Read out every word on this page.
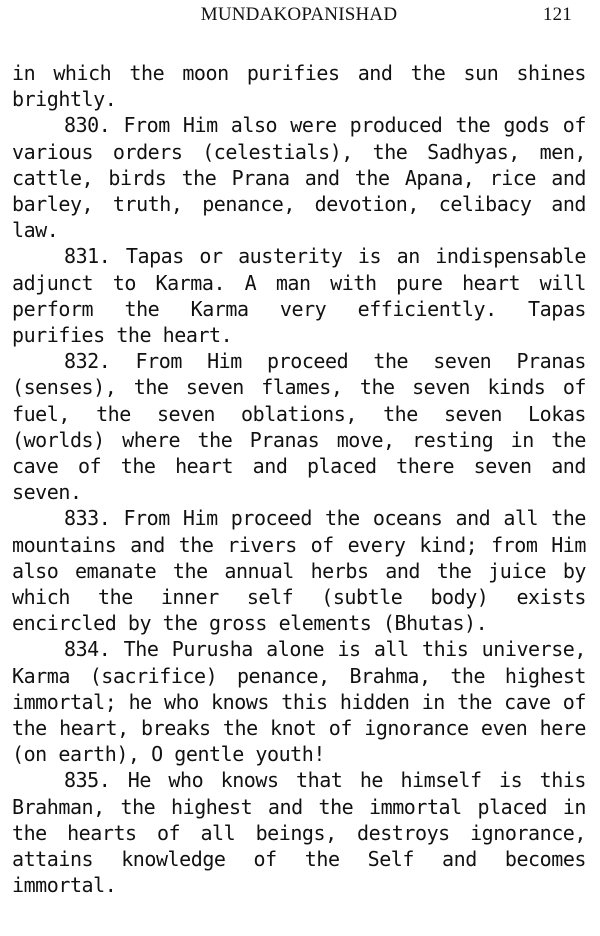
MUNDAKOPANISHAD	121

in which the moon purifies and the sun shines brightly.

830. From Him also were produced the gods of various orders (celestials), the Sadhyas, men, cattle, birds the Prana and the Apana, rice and barley, truth, penance, devotion, celibacy and law.

831. Tapas or austerity is an indispensable adjunct to Karma. A man with pure heart will perform the Karma very efficiently. Tapas purifies the heart.

832. From Him proceed the seven Pranas (senses), the seven flames, the seven kinds of fuel, the seven oblations, the seven Lokas (worlds) where the Pranas move, resting in the cave of the heart and placed there seven and seven.

833. From Him proceed the oceans and all the mountains and the rivers of every kind; from Him also emanate the annual herbs and the juice by which the inner self (subtle body) exists encircled by the gross elements (Bhutas).

834. The Purusha alone is all this universe, Karma (sacrifice) penance, Brahma, the highest immortal; he who knows this hidden in the cave of the heart, breaks the knot of ignorance even here (on earth), O gentle youth!

835. He who knows that he himself is this Brahman, the highest and the immortal placed in the hearts of all beings, destroys ignorance, attains knowledge of the Self and becomes immortal.
